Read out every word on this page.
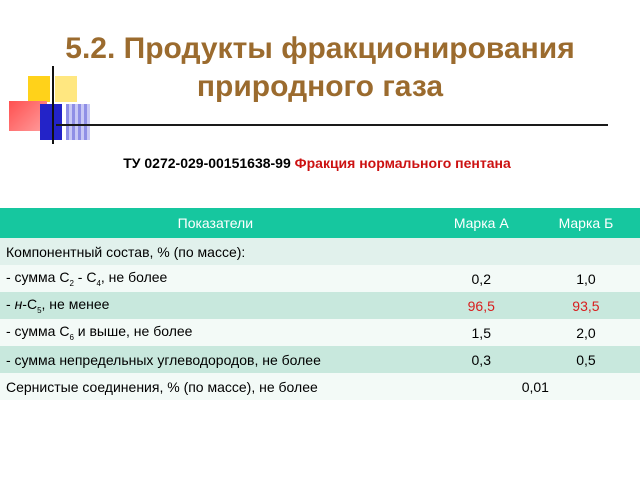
5.2. Продукты фракционирования
природного газа
ТУ 0272-029-00151638-99 Фракция нормального пентана
Показатели	Марка А	Марка Б
Компонентный состав, % (по массе):		
- сумма $С_2 - С_4$, не более	0,2	1,0
- $н-С_5$, не менее	96,5	93,5
- сумма $С_6$ и выше, не более	1,5	2,0
- сумма непредельных углеводородов, не более	0,3	0,5
Сернистые соединения, % (по массе), не более	0,01	
